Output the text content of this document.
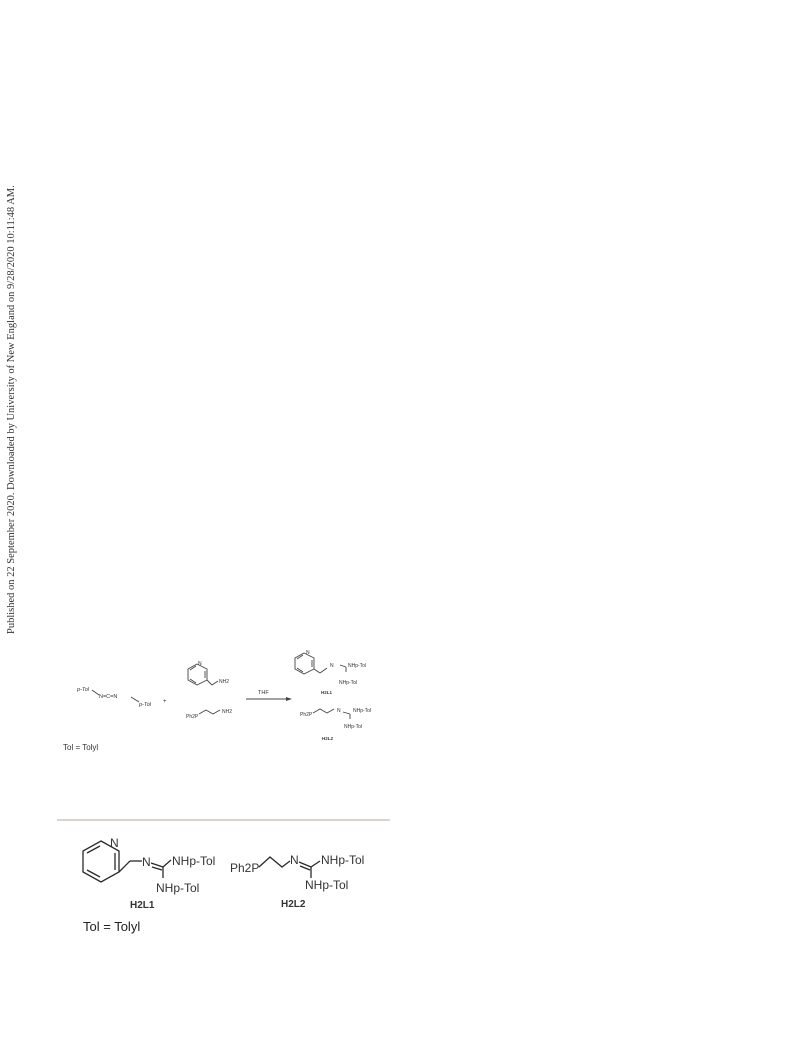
Published on 22 September 2020. Downloaded by University of New England on 9/28/2020 10:11:48 AM.
p-Tol
N=C=N
p-Tol +
N
NH2
Ph2P
NH2
THF
N
N	NHp-Tol
NHp-Tol
H2L1
Ph2P
N NHp-Tol
NHp-Tol
H2L2
Tol = Tolyl
N
N NHp-Tol
NHp-Tol
H2L1
Ph2P
N NHp-Tol
NHp-Tol
H2L2
Tol = Tolyl
